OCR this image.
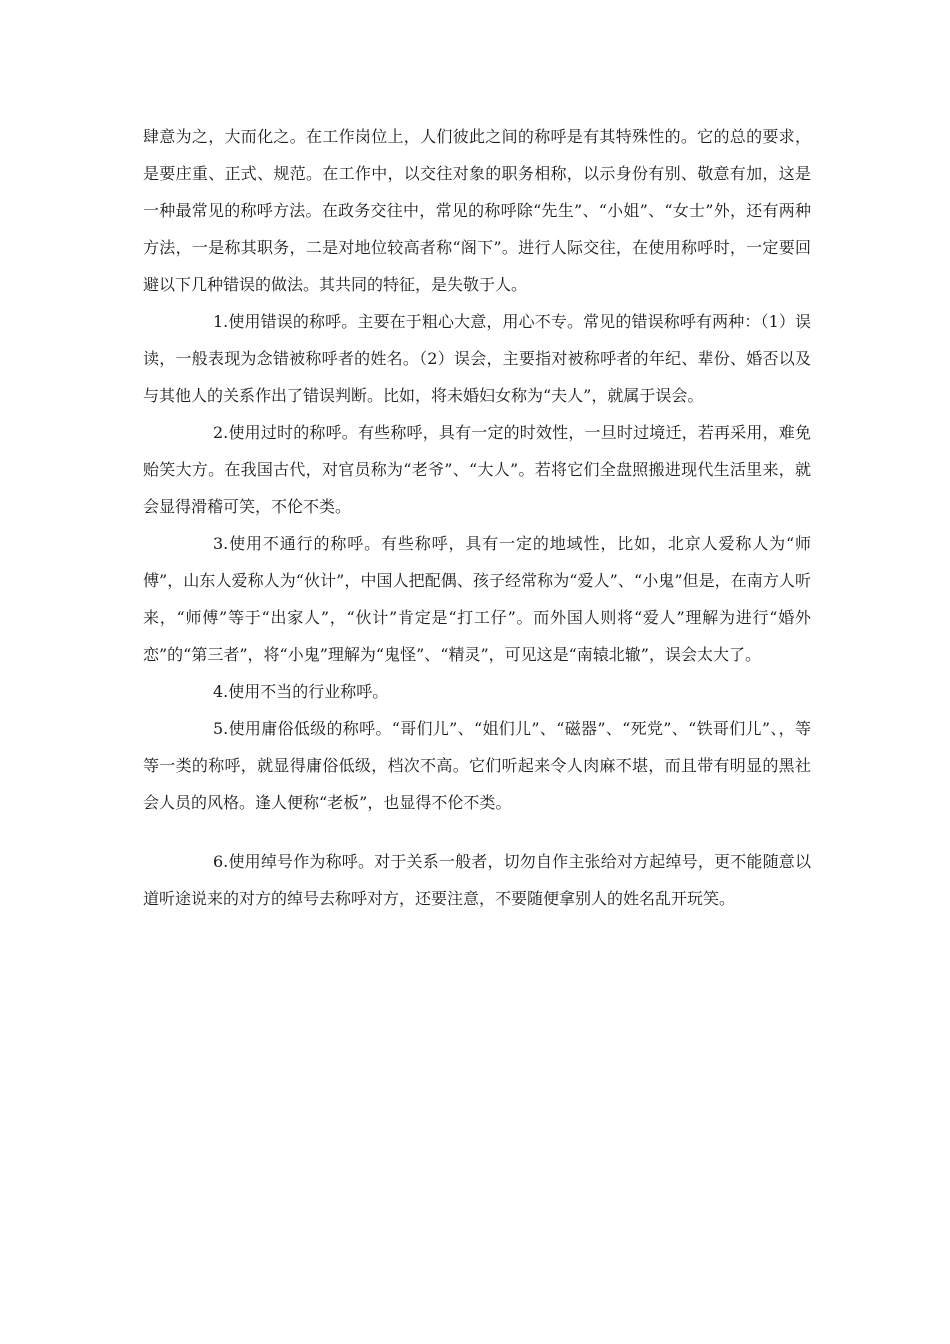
肆意为之，大而化之。在工作岗位上，人们彼此之间的称呼是有其特殊性的。它的总的要求，是要庄重、正式、规范。在工作中，以交往对象的职务相称，以示身份有别、敬意有加，这是一种最常见的称呼方法。在政务交往中，常见的称呼除“先生”、“小姐”、“女士”外，还有两种方法，一是称其职务，二是对地位较高者称“阁下”。进行人际交往，在使用称呼时，一定要回避以下几种错误的做法。其共同的特征，是失敬于人。

1.使用错误的称呼。主要在于粗心大意，用心不专。常见的错误称呼有两种：（1）误读，一般表现为念错被称呼者的姓名。（2）误会，主要指对被称呼者的年纪、辈份、婚否以及与其他人的关系作出了错误判断。比如，将未婚妇女称为“夫人”，就属于误会。

2.使用过时的称呼。有些称呼，具有一定的时效性，一旦时过境迁，若再采用，难免贻笑大方。在我国古代，对官员称为“老爷”、“大人”。若将它们全盘照搬进现代生活里来，就会显得滑稽可笑，不伦不类。

3.使用不通行的称呼。有些称呼，具有一定的地域性，比如，北京人爱称人为“师傅”，山东人爱称人为“伙计”，中国人把配偶、孩子经常称为“爱人”、“小鬼”但是，在南方人听来，“师傅”等于“出家人”，“伙计”肯定是“打工仔”。而外国人则将“爱人”理解为进行“婚外恋”的“第三者”，将“小鬼”理解为“鬼怪”、“精灵”，可见这是“南辕北辙”，误会太大了。

4.使用不当的行业称呼。

5.使用庸俗低级的称呼。“哥们儿”、“姐们儿”、“磁器”、“死党”、“铁哥们儿”、，等等一类的称呼，就显得庸俗低级，档次不高。它们听起来令人肉麻不堪，而且带有明显的黑社会人员的风格。逢人便称“老板”，也显得不伦不类。

6.使用绰号作为称呼。对于关系一般者，切勿自作主张给对方起绰号，更不能随意以道听途说来的对方的绰号去称呼对方，还要注意，不要随便拿别人的姓名乱开玩笑。
